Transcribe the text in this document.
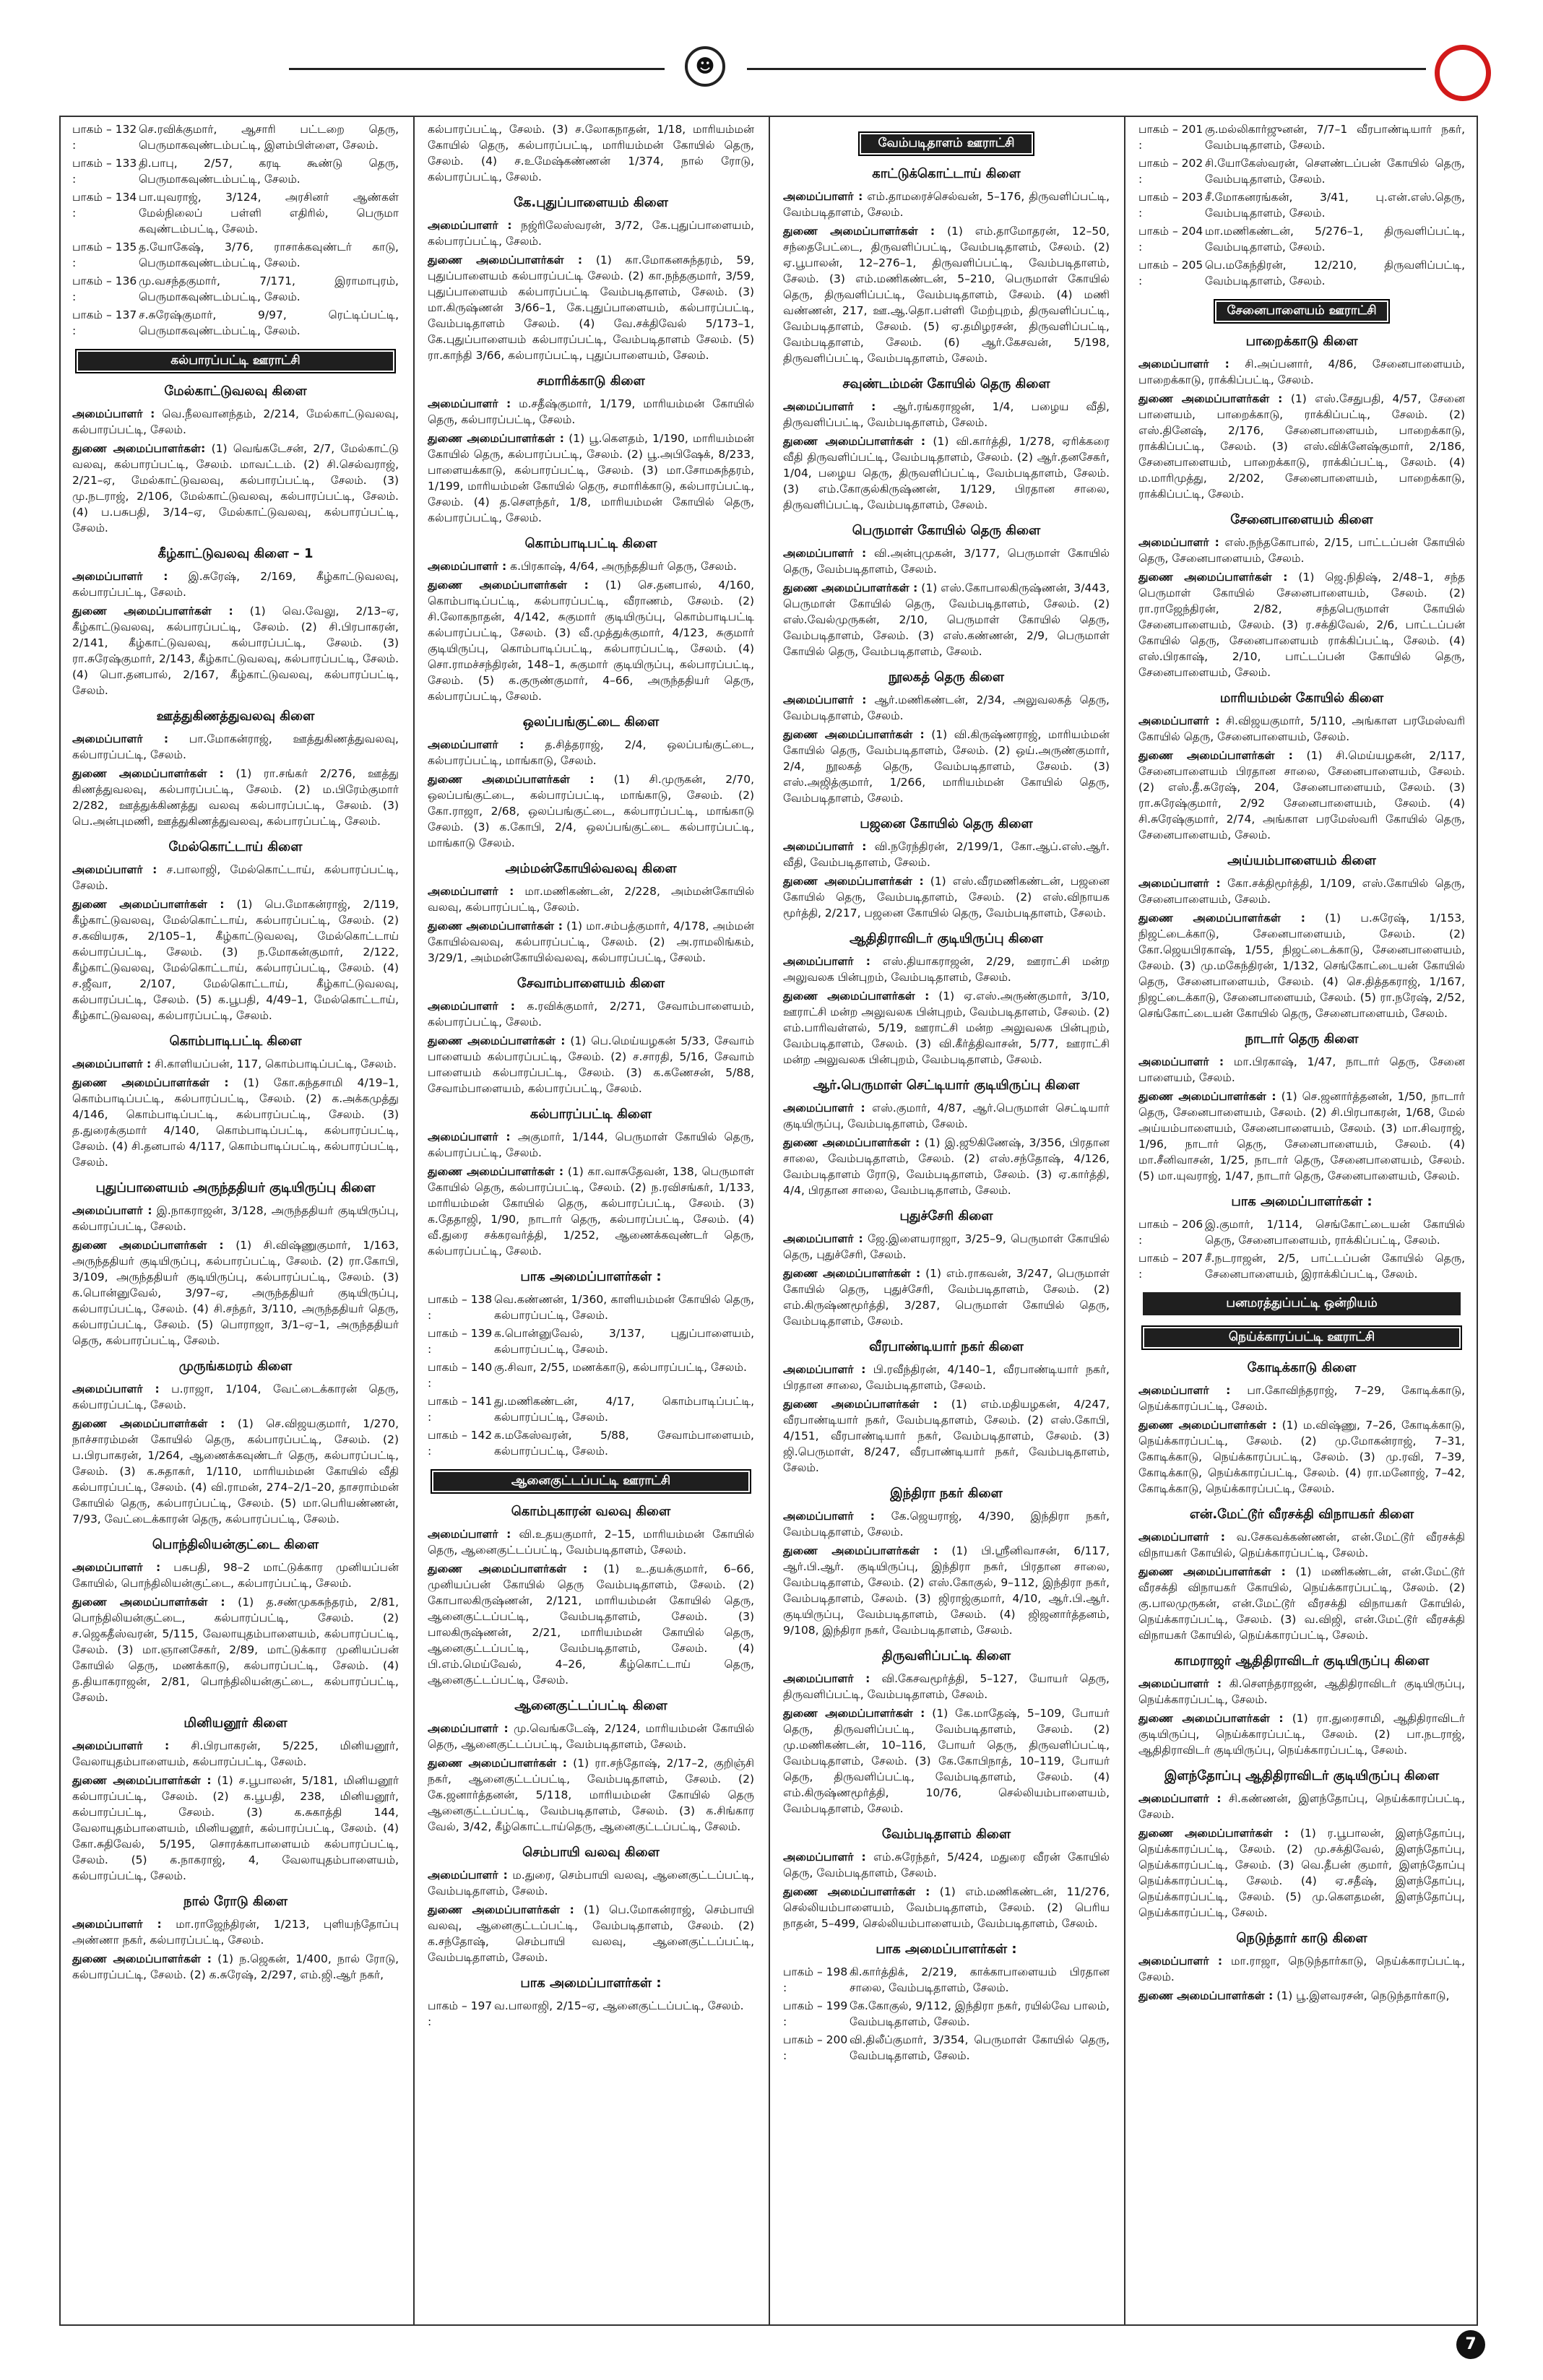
☻
பாகம் – 132 :
செ.ரவிக்குமார், ஆசாரி பட்டறை தெரு, பெருமாகவுண்டம்பட்டி, இளம்பிள்ளை, சேலம்.
பாகம் – 133 :
தி.பாபு, 2/57, கரடி கூண்டு தெரு, பெருமாகவுண்டம்பட்டி, சேலம்.
பாகம் – 134 :
பா.யுவராஜ், 3/124, அரசினர் ஆண்கள் மேல்நிலைப் பள்ளி எதிரில், பெருமா கவுண்டம்பட்டி, சேலம்.
பாகம் – 135 :
த.யோகேஷ், 3/76, ராசாக்கவுண்டர் காடு, பெருமாகவுண்டம்பட்டி, சேலம்.
பாகம் – 136 :
மு.வசந்தகுமார், 7/171, இராமாபுரம், பெருமாகவுண்டம்பட்டி, சேலம்.
பாகம் – 137 :
ச.சுரேஷ்குமார், 9/97, ரெட்டிப்பட்டி, பெருமாகவுண்டம்பட்டி, சேலம்.
கல்பாரப்பட்டி ஊராட்சி
மேல்காட்டுவலவு கிளை
அமைப்பாளர் : வெ.நீலவானந்தம், 2/214, மேல்காட்டுவலவு, கல்பாரப்பட்டி, சேலம்.
துணை அமைப்பாளர்கள்: (1) வெங்கடேசன், 2/7, மேல்காட்டு வலவு, கல்பாரப்பட்டி, சேலம். மாவட்டம். (2) சி.செல்வராஜ், 2/21–ஏ, மேல்காட்டுவலவு, கல்பாரப்பட்டி, சேலம். (3) மு.நடராஜ், 2/106, மேல்காட்டுவலவு, கல்பாரப்பட்டி, சேலம். (4) ப.பசுபதி, 3/14–ஏ, மேல்காட்டுவலவு, கல்பாரப்பட்டி, சேலம்.
கீழ்காட்டுவலவு கிளை – 1
அமைப்பாளர் : இ.சுரேஷ், 2/169, கீழ்காட்டுவலவு, கல்பாரப்பட்டி, சேலம்.
துணை அமைப்பாளர்கள் : (1) வெ.வேலு, 2/13–ஏ, கீழ்காட்டுவலவு, கல்பாரப்பட்டி, சேலம். (2) சி.பிரபாகரன், 2/141, கீழ்காட்டுவலவு, கல்பாரப்பட்டி, சேலம். (3) ரா.சுரேஷ்குமார், 2/143, கீழ்காட்டுவலவு, கல்பாரப்பட்டி, சேலம். (4) பொ.தனபால், 2/167, கீழ்காட்டுவலவு, கல்பாரப்பட்டி, சேலம்.
ஊத்துகிணத்துவலவு கிளை
அமைப்பாளர் : பா.மோகன்ராஜ், ஊத்துகிணத்துவலவு, கல்பாரப்பட்டி, சேலம்.
துணை அமைப்பாளர்கள் : (1) ரா.சங்கர் 2/276, ஊத்து கிணத்துவலவு, கல்பாரப்பட்டி, சேலம். (2) ம.பிரேம்குமார் 2/282, ஊத்துக்கிணத்து வலவு கல்பாரப்பட்டி, சேலம். (3) பெ.அன்புமணி, ஊத்துகிணத்துவலவு, கல்பாரப்பட்டி, சேலம்.
மேல்கொட்டாய் கிளை
அமைப்பாளர் : ச.பாலாஜி, மேல்கொட்டாய், கல்பாரப்பட்டி, சேலம்.
துணை அமைப்பாளர்கள் : (1) பெ.மோகன்ராஜ், 2/119, கீழ்காட்டுவலவு, மேல்கொட்டாய், கல்பாரப்பட்டி, சேலம். (2) ச.கவியரசு, 2/105–1, கீழ்காட்டுவலவு, மேல்கொட்டாய் கல்பாரப்பட்டி, சேலம். (3) ந.மோகன்குமார், 2/122, கீழ்காட்டுவலவு, மேல்கொட்டாய், கல்பாரப்பட்டி, சேலம். (4) ச.ஜீவா, 2/107, மேல்கொட்டாய், கீழ்காட்டுவலவு, கல்பாரப்பட்டி, சேலம். (5) க.பூபதி, 4/49–1, மேல்கொட்டாய், கீழ்காட்டுவலவு, கல்பாரப்பட்டி, சேலம்.
கொம்பாடிபட்டி கிளை
அமைப்பாளர் : சி.காளியப்பன், 117, கொம்பாடிப்பட்டி, சேலம்.
துணை அமைப்பாளர்கள் : (1) கோ.கந்தசாமி 4/19–1, கொம்பாடிப்பட்டி, கல்பாரப்பட்டி, சேலம். (2) க.அக்கமுத்து 4/146, கொம்பாடிப்பட்டி, கல்பாரப்பட்டி, சேலம். (3) த.துரைக்குமார் 4/140, கொம்பாடிப்பட்டி, கல்பாரப்பட்டி, சேலம். (4) சி.தனபால் 4/117, கொம்பாடிப்பட்டி, கல்பாரப்பட்டி, சேலம்.
புதுப்பாளையம் அருந்ததியர் குடியிருப்பு கிளை
அமைப்பாளர் : இ.நாகராஜன், 3/128, அருந்ததியர் குடியிருப்பு, கல்பாரப்பட்டி, சேலம்.
துணை அமைப்பாளர்கள் : (1) சி.விஷ்ணுகுமார், 1/163, அருந்ததியர் குடியிருப்பு, கல்பாரப்பட்டி, சேலம். (2) ரா.கோபி, 3/109, அருந்ததியர் குடியிருப்பு, கல்பாரப்பட்டி, சேலம். (3) க.பொன்னுவேல், 3/97–ஏ, அருந்ததியர் குடியிருப்பு, கல்பாரப்பட்டி, சேலம். (4) சி.சந்தர், 3/110, அருந்ததியர் தெரு, கல்பாரப்பட்டி, சேலம். (5) பொராஜா, 3/1–ஏ–1, அருந்ததியர் தெரு, கல்பாரப்பட்டி, சேலம்.
முருங்கமரம் கிளை
அமைப்பாளர் : ப.ராஜா, 1/104, வேட்டைக்காரன் தெரு, கல்பாரப்பட்டி, சேலம்.
துணை அமைப்பாளர்கள் : (1) செ.விஜயகுமார், 1/270, நாச்சாரம்மன் கோயில் தெரு, கல்பாரப்பட்டி, சேலம். (2) ப.பிரபாகரன், 1/264, ஆணைக்கவுண்டர் தெரு, கல்பாரப்பட்டி, சேலம். (3) க.சுதாகர், 1/110, மாரியம்மன் கோயில் வீதி கல்பாரப்பட்டி, சேலம். (4) வி.ராமன், 274–2/1–20, தாசராம்மன் கோயில் தெரு, கல்பாரப்பட்டி, சேலம். (5) மா.பெரியண்ணன், 7/93, வேட்டைக்காரன் தெரு, கல்பாரப்பட்டி, சேலம்.
பொந்திலியன்குட்டை கிளை
அமைப்பாளர் : பசுபதி, 98–2 மாட்டுக்கார முனியப்பன் கோயில், பொந்திலியன்குட்டை, கல்பாரப்பட்டி, சேலம்.
துணை அமைப்பாளர்கள் : (1) த.சண்முகசுந்தரம், 2/81, பொந்திலியன்குட்டை, கல்பாரப்பட்டி, சேலம். (2) ச.ஜெகதீஸ்வரன், 5/115, வேலாயுதம்பாளையம், கல்பாரப்பட்டி, சேலம். (3) மா.ஞானசேகர், 2/89, மாட்டுக்கார முனியப்பன் கோயில் தெரு, மணக்காடு, கல்பாரப்பட்டி, சேலம். (4) த.தியாகராஜன், 2/81, பொந்திலியன்குட்டை, கல்பாரப்பட்டி, சேலம்.
மினியனூர் கிளை
அமைப்பாளர் : சி.பிரபாகரன், 5/225, மினியனூர், வேலாயுதம்பாளையம், கல்பாரப்பட்டி, சேலம்.
துணை அமைப்பாளர்கள் : (1) ச.பூபாலன், 5/181, மினியனூர் கல்பாரப்பட்டி, சேலம். (2) க.பூபதி, 238, மினியனூர், கல்பாரப்பட்டி, சேலம். (3) க.சுகாத்தி 144, வேலாயுதம்பாளையம், மினியனூர், கல்பாரப்பட்டி, சேலம். (4) கோ.சுதிவேல், 5/195, சொரக்காபாளையம் கல்பாரப்பட்டி, சேலம். (5) க.நாகராஜ், 4, வேலாயுதம்பாளையம், கல்பாரப்பட்டி, சேலம்.
நால் ரோடு கிளை
அமைப்பாளர் : மா.ராஜேந்திரன், 1/213, புளியந்தோப்பு அண்ணா நகர், கல்பாரப்பட்டி, சேலம்.
துணை அமைப்பாளர்கள் : (1) ந.ஜெகன், 1/400, நால் ரோடு, கல்பாரப்பட்டி, சேலம். (2) க.சுரேஷ், 2/297, எம்.ஜி.ஆர் நகர்,
கல்பாரப்பட்டி, சேலம். (3) ச.லோகநாதன், 1/18, மாரியம்மன் கோயில் தெரு, கல்பாரப்பட்டி, மாரியம்மன் கோயில் தெரு, சேலம். (4) ச.உமேஷ்கண்ணன் 1/374, நால் ரோடு, கல்பாரப்பட்டி, சேலம்.
கே.புதுப்பாளையம் கிளை
அமைப்பாளர் : நஜ்ரிலேஸ்வரன், 3/72, கே.புதுப்பாளையம், கல்பாரப்பட்டி, சேலம்.
துணை அமைப்பாளர்கள் : (1) கா.மோகனசுந்தரம், 59, புதுப்பாளையம் கல்பாரப்பட்டி சேலம். (2) கா.நந்தகுமார், 3/59, புதுப்பாளையம் கல்பாரப்பட்டி வேம்படிதாளம், சேலம். (3) மா.கிருஷ்ணன் 3/66–1, கே.புதுப்பாளையம், கல்பாரப்பட்டி, வேம்படிதாளம் சேலம். (4) வே.சக்திவேல் 5/173–1, கே.புதுப்பாளையம் கல்பாரப்பட்டி, வேம்படிதாளம் சேலம். (5) ரா.காந்தி 3/66, கல்பாரப்பட்டி, புதுப்பாளையம், சேலம்.
சமாரிக்காடு கிளை
அமைப்பாளர் : ம.சதீஷ்குமார், 1/179, மாரியம்மன் கோயில் தெரு, கல்பாரப்பட்டி, சேலம்.
துணை அமைப்பாளர்கள் : (1) பூ.கௌதம், 1/190, மாரியம்மன் கோயில் தெரு, கல்பாரப்பட்டி, சேலம். (2) பூ.அபிஷேக், 8/233, பாளையக்காடு, கல்பாரப்பட்டி, சேலம். (3) மா.சோமசுந்தரம், 1/199, மாரியம்மன் கோயில் தெரு, சமாரிக்காடு, கல்பாரப்பட்டி, சேலம். (4) த.சௌந்தர், 1/8, மாரியம்மன் கோயில் தெரு, கல்பாரப்பட்டி, சேலம்.
கொம்பாடிபட்டி கிளை
அமைப்பாளர் : க.பிரகாஷ், 4/64, அருந்ததியர் தெரு, சேலம்.
துணை அமைப்பாளர்கள் : (1) செ.தனபால், 4/160, கொம்பாடிப்பட்டி, கல்பாரப்பட்டி, வீராணம், சேலம். (2) சி.லோகநாதன், 4/142, சுகுமார் குடியிருப்பு, கொம்பாடிபட்டி கல்பாரப்பட்டி, சேலம். (3) வீ.முத்துக்குமார், 4/123, சுகுமார் குடியிருப்பு, கொம்பாடிப்பட்டி, கல்பாரப்பட்டி, சேலம். (4) சொ.ராமச்சந்திரன், 148–1, சுகுமார் குடியிருப்பு, கல்பாரப்பட்டி, சேலம். (5) க.குருண்குமார், 4–66, அருந்ததியர் தெரு, கல்பாரப்பட்டி, சேலம்.
ஒலப்பங்குட்டை கிளை
அமைப்பாளர் : த.சித்தராஜ், 2/4, ஒலப்பங்குட்டை, கல்பாரப்பட்டி, மாங்காடு, சேலம்.
துணை அமைப்பாளர்கள் : (1) சி.முருகன், 2/70, ஒலப்பங்குட்டை, கல்பாரப்பட்டி, மாங்காடு, சேலம். (2) கோ.ராஜா, 2/68, ஒலப்பங்குட்டை, கல்பாரப்பட்டி, மாங்காடு சேலம். (3) க.கோபி, 2/4, ஒலப்பங்குட்டை கல்பாரப்பட்டி, மாங்காடு சேலம்.
அம்மன்கோயில்வலவு கிளை
அமைப்பாளர் : மா.மணிகண்டன், 2/228, அம்மன்கோயில் வலவு, கல்பாரப்பட்டி, சேலம்.
துணை அமைப்பாளர்கள் : (1) மா.சம்பத்குமார், 4/178, அம்மன் கோயில்வலவு, கல்பாரப்பட்டி, சேலம். (2) அ.ராமலிங்கம், 3/29/1, அம்மன்கோயில்வலவு, கல்பாரப்பட்டி, சேலம்.
சேவாம்பாளையம் கிளை
அமைப்பாளர் : க.ரவிக்குமார், 2/271, சேவாம்பாளையம், கல்பாரப்பட்டி, சேலம்.
துணை அமைப்பாளர்கள் : (1) பெ.மெய்யழகன் 5/33, சேவாம் பாளையம் கல்பாரப்பட்டி, சேலம். (2) ச.சாரதி, 5/16, சேவாம் பாளையம் கல்பாரப்பட்டி, சேலம். (3) க.கணேசன், 5/88, சேவாம்பாளையம், கல்பாரப்பட்டி, சேலம்.
கல்பாரப்பட்டி கிளை
அமைப்பாளர் : அகுமார், 1/144, பெருமாள் கோயில் தெரு, கல்பாரப்பட்டி, சேலம்.
துணை அமைப்பாளர்கள் : (1) கா.வாசுதேவன், 138, பெருமாள் கோயில் தெரு, கல்பாரப்பட்டி, சேலம். (2) ந.ரவிசங்கர், 1/133, மாரியம்மன் கோயில் தெரு, கல்பாரப்பட்டி, சேலம். (3) க.தேதாஜி, 1/90, நாடார் தெரு, கல்பாரப்பட்டி, சேலம். (4) வீ.துரை சக்கரவர்த்தி, 1/252, ஆணைக்கவுண்டர் தெரு, கல்பாரப்பட்டி, சேலம்.
பாக அமைப்பாளர்கள் :
பாகம் – 138 :
வெ.கண்ணன், 1/360, காளியம்மன் கோயில் தெரு, கல்பாரப்பட்டி, சேலம்.
பாகம் – 139 :
க.பொன்னுவேல், 3/137, புதுப்பாளையம், கல்பாரப்பட்டி, சேலம்.
பாகம் – 140 :
கு.சிவா, 2/55, மணக்காடு, கல்பாரப்பட்டி, சேலம்.
பாகம் – 141 :
து.மணிகண்டன், 4/17, கொம்பாடிப்பட்டி, கல்பாரப்பட்டி, சேலம்.
பாகம் – 142 :
க.மகேஸ்வரன், 5/88, சேவாம்பாளையம், கல்பாரப்பட்டி, சேலம்.
ஆனைகுட்டப்பட்டி ஊராட்சி
கொம்புகாரன் வலவு கிளை
அமைப்பாளர் : வி.உதயகுமார், 2–15, மாரியம்மன் கோயில் தெரு, ஆனைகுட்டப்பட்டி, வேம்படிதாளம், சேலம்.
துணை அமைப்பாளர்கள் : (1) உ.தயக்குமார், 6–66, முனியப்பன் கோயில் தெரு வேம்படிதாளம், சேலம். (2) கோபாலகிருஷ்ணன், 2/121, மாரியம்மன் கோயில் தெரு, ஆனைகுட்டப்பட்டி, வேம்படிதாளம், சேலம். (3) பாலகிருஷ்ணன், 2/21, மாரியம்மன் கோயில் தெரு, ஆனைகுட்டப்பட்டி, வேம்படிதாளம், சேலம். (4) பி.எம்.மெய்வேல், 4–26, கீழ்கொட்டாய் தெரு, ஆனைகுட்டப்பட்டி, சேலம்.
ஆனைகுட்டப்பட்டி கிளை
அமைப்பாளர் : மு.வெங்கடேஷ், 2/124, மாரியம்மன் கோயில் தெரு, ஆனைகுட்டப்பட்டி, வேம்படிதாளம், சேலம்.
துணை அமைப்பாளர்கள் : (1) ரா.சந்தோஷ், 2/17–2, குறிஞ்சி நகர், ஆனைகுட்டப்பட்டி, வேம்படிதாளம், சேலம். (2) கே.ஜனார்த்தனன், 5/118, மாரியம்மன் கோயில் தெரு ஆனைகுட்டப்பட்டி, வேம்படிதாளம், சேலம். (3) க.சிங்கார வேல், 3/42, கீழ்கொட்டாய்தெரு, ஆனைகுட்டப்பட்டி, சேலம்.
செம்பாயி வலவு கிளை
அமைப்பாளர் : ம.துரை, செம்பாயி வலவு, ஆனைகுட்டப்பட்டி, வேம்படிதாளம், சேலம்.
துணை அமைப்பாளர்கள் : (1) பெ.மோகன்ராஜ், செம்பாயி வலவு, ஆனைகுட்டப்பட்டி, வேம்படிதாளம், சேலம். (2) க.சந்தோஷ், செம்பாயி வலவு, ஆனைகுட்டப்பட்டி, வேம்படிதாளம், சேலம்.
பாக அமைப்பாளர்கள் :
பாகம் – 197 :
வ.பாலாஜி, 2/15–ஏ, ஆனைகுட்டப்பட்டி, சேலம்.
வேம்படிதாளம் ஊராட்சி
காட்டுக்கொட்டாய் கிளை
அமைப்பாளர் : எம்.தாமரைச்செல்வன், 5–176, திருவளிப்பட்டி, வேம்படிதாளம், சேலம்.
துணை அமைப்பாளர்கள் : (1) எம்.தாமோதரன், 12–50, சந்தைபேட்டை, திருவளிப்பட்டி, வேம்படிதாளம், சேலம். (2) ஏ.பூபாலன், 12–276–1, திருவளிப்பட்டி, வேம்படிதாளம், சேலம். (3) எம்.மணிகண்டன், 5–210, பெருமாள் கோயில் தெரு, திருவளிப்பட்டி, வேம்படிதாளம், சேலம். (4) மணி வண்ணன், 217, ஊ.ஆ.தொ.பள்ளி மேற்புறம், திருவளிப்பட்டி, வேம்படிதாளம், சேலம். (5) ஏ.தமிழரசன், திருவளிப்பட்டி, வேம்படிதாளம், சேலம். (6) ஆர்.கேசவன், 5/198, திருவளிப்பட்டி, வேம்படிதாளம், சேலம்.
சவுண்டம்மன் கோயில் தெரு கிளை
அமைப்பாளர் : ஆர்.ரங்கராஜன், 1/4, பழைய வீதி, திருவளிப்பட்டி, வேம்படிதாளம், சேலம்.
துணை அமைப்பாளர்கள் : (1) வி.கார்த்தி, 1/278, ஏரிக்கரை வீதி திருவளிப்பட்டி, வேம்படிதாளம், சேலம். (2) ஆர்.தனசேகர், 1/04, பழைய தெரு, திருவளிப்பட்டி, வேம்படிதாளம், சேலம். (3) எம்.கோகுல்கிருஷ்ணன், 1/129, பிரதான சாலை, திருவளிப்பட்டி, வேம்படிதாளம், சேலம்.
பெருமாள் கோயில் தெரு கிளை
அமைப்பாளர் : வி.அன்புமுகன், 3/177, பெருமாள் கோயில் தெரு, வேம்படிதாளம், சேலம்.
துணை அமைப்பாளர்கள் : (1) எஸ்.கோபாலகிருஷ்ணன், 3/443, பெருமாள் கோயில் தெரு, வேம்படிதாளம், சேலம். (2) எஸ்.வேல்முருகன், 2/10, பெருமாள் கோயில் தெரு, வேம்படிதாளம், சேலம். (3) எஸ்.கண்ணன், 2/9, பெருமாள் கோயில் தெரு, வேம்படிதாளம், சேலம்.
நூலகத் தெரு கிளை
அமைப்பாளர் : ஆர்.மணிகண்டன், 2/34, அலுவலகத் தெரு, வேம்படிதாளம், சேலம்.
துணை அமைப்பாளர்கள் : (1) வி.கிருஷ்ணராஜ், மாரியம்மன் கோயில் தெரு, வேம்படிதாளம், சேலம். (2) ஒய்.அருண்குமார், 2/4, நூலகத் தெரு, வேம்படிதாளம், சேலம். (3) எஸ்.அஜித்குமார், 1/266, மாரியம்மன் கோயில் தெரு, வேம்படிதாளம், சேலம்.
பஜனை கோயில் தெரு கிளை
அமைப்பாளர் : வி.நரேந்திரன், 2/199/1, கோ.ஆப்.எஸ்.ஆர். வீதி, வேம்படிதாளம், சேலம்.
துணை அமைப்பாளர்கள் : (1) எஸ்.வீரமணிகண்டன், பஜனை கோயில் தெரு, வேம்படிதாளம், சேலம். (2) எஸ்.விநாயக மூர்த்தி, 2/217, பஜனை கோயில் தெரு, வேம்படிதாளம், சேலம்.
ஆதிதிராவிடர் குடியிருப்பு கிளை
அமைப்பாளர் : எஸ்.தியாகராஜன், 2/29, ஊராட்சி மன்ற அலுவலக பின்புறம், வேம்படிதாளம், சேலம்.
துணை அமைப்பாளர்கள் : (1) ஏ.எஸ்.அருண்குமார், 3/10, ஊராட்சி மன்ற அலுவலக பின்புறம், வேம்படிதாளம், சேலம். (2) எம்.பாரிவள்ளல், 5/19, ஊராட்சி மன்ற அலுவலக பின்புறம், வேம்படிதாளம், சேலம். (3) வி.கீர்த்திவாசன், 5/77, ஊராட்சி மன்ற அலுவலக பின்புறம், வேம்படிதாளம், சேலம்.
ஆர்.பெருமாள் செட்டியார் குடியிருப்பு கிளை
அமைப்பாளர் : எஸ்.குமார், 4/87, ஆர்.பெருமாள் செட்டியார் குடியிருப்பு, வேம்படிதாளம், சேலம்.
துணை அமைப்பாளர்கள் : (1) இ.ஜூகிணேஷ், 3/356, பிரதான சாலை, வேம்படிதாளம், சேலம். (2) எஸ்.சந்தோஷ், 4/126, வேம்படிதாளம் ரோடு, வேம்படிதாளம், சேலம். (3) ஏ.கார்த்தி, 4/4, பிரதான சாலை, வேம்படிதாளம், சேலம்.
புதுச்சேரி கிளை
அமைப்பாளர் : ஜே.இளையராஜா, 3/25–9, பெருமாள் கோயில் தெரு, புதுச்சேரி, சேலம்.
துணை அமைப்பாளர்கள் : (1) எம்.ராகவன், 3/247, பெருமாள் கோயில் தெரு, புதுச்சேரி, வேம்படிதாளம், சேலம். (2) எம்.கிருஷ்ணமூர்த்தி, 3/287, பெருமாள் கோயில் தெரு, வேம்படிதாளம், சேலம்.
வீரபாண்டியார் நகர் கிளை
அமைப்பாளர் : பி.ரவீந்திரன், 4/140–1, வீரபாண்டியார் நகர், பிரதான சாலை, வேம்படிதாளம், சேலம்.
துணை அமைப்பாளர்கள் : (1) எம்.மதியழகன், 4/247, வீரபாண்டியார் நகர், வேம்படிதாளம், சேலம். (2) எஸ்.கோபி, 4/151, வீரபாண்டியார் நகர், வேம்படிதாளம், சேலம். (3) ஜி.பெருமாள், 8/247, வீரபாண்டியார் நகர், வேம்படிதாளம், சேலம்.
இந்திரா நகர் கிளை
அமைப்பாளர் : கே.ஜெயராஜ், 4/390, இந்திரா நகர், வேம்படிதாளம், சேலம்.
துணை அமைப்பாளர்கள் : (1) பி.ஸ்ரீனிவாசன், 6/117, ஆர்.பி.ஆர். குடியிருப்பு, இந்திரா நகர், பிரதான சாலை, வேம்படிதாளம், சேலம். (2) எஸ்.கோகுல், 9–112, இந்திரா நகர், வேம்படிதாளம், சேலம். (3) ஜிராஜ்குமார், 4/10, ஆர்.பி.ஆர். குடியிருப்பு, வேம்படிதாளம், சேலம். (4) ஜிஜனார்த்தனம், 9/108, இந்திரா நகர், வேம்படிதாளம், சேலம்.
திருவளிப்பட்டி கிளை
அமைப்பாளர் : வி.கேசவமூர்த்தி, 5–127, யோயர் தெரு, திருவளிப்பட்டி, வேம்படிதாளம், சேலம்.
துணை அமைப்பாளர்கள் : (1) கே.மாதேஷ், 5–109, போயர் தெரு, திருவளிப்பட்டி, வேம்படிதாளம், சேலம். (2) மு.மணிகண்டன், 10–116, போயர் தெரு, திருவளிப்பட்டி, வேம்படிதாளம், சேலம். (3) கே.கோபிநாத், 10–119, போயர் தெரு, திருவளிப்பட்டி, வேம்படிதாளம், சேலம். (4) எம்.கிருஷ்ணமூர்த்தி, 10/76, செல்லியம்பாளையம், வேம்படிதாளம், சேலம்.
வேம்படிதாளம் கிளை
அமைப்பாளர் : எம்.சுரேந்தர், 5/424, மதுரை வீரன் கோயில் தெரு, வேம்படிதாளம், சேலம்.
துணை அமைப்பாளர்கள் : (1) எம்.மணிகண்டன், 11/276, செல்லியம்பாளையம், வேம்படிதாளம், சேலம். (2) பெரிய நாதன், 5–499, செல்லியம்பாளையம், வேம்படிதாளம், சேலம்.
பாக அமைப்பாளர்கள் :
பாகம் – 198 :
கி.கார்த்திக், 2/219, காக்காபாளையம் பிரதான சாலை, வேம்படிதாளம், சேலம்.
பாகம் – 199 :
கே.கோகுல், 9/112, இந்திரா நகர், ரயில்வே பாலம், வேம்படிதாளம், சேலம்.
பாகம் – 200 :
வி.திலீப்குமார், 3/354, பெருமாள் கோயில் தெரு, வேம்படிதாளம், சேலம்.
பாகம் – 201 :
கு.மல்லிகார்ஜுனன், 7/7–1 வீரபாண்டியார் நகர், வேம்படிதாளம், சேலம்.
பாகம் – 202 :
சி.யோகேஸ்வரன், சௌண்டப்பன் கோயில் தெரு, வேம்படிதாளம், சேலம்.
பாகம் – 203 :
சீ.மோகனரங்கன், 3/41, பு.என்.எஸ்.தெரு, வேம்படிதாளம், சேலம்.
பாகம் – 204 :
மா.மணிகண்டன், 5/276–1, திருவளிப்பட்டி, வேம்படிதாளம், சேலம்.
பாகம் – 205 :
பெ.மகேந்திரன், 12/210, திருவளிப்பட்டி, வேம்படிதாளம், சேலம்.
சேனைபாளையம் ஊராட்சி
பாறைக்காடு கிளை
அமைப்பாளர் : சி.அப்பனார், 4/86, சேனைபாளையம், பாறைக்காடு, ராக்கிப்பட்டி, சேலம்.
துணை அமைப்பாளர்கள் : (1) எஸ்.சேதுபதி, 4/57, சேனை பாளையம், பாறைக்காடு, ராக்கிப்பட்டி, சேலம். (2) எஸ்.தினேஷ், 2/176, சேனைபாளையம், பாறைக்காடு, ராக்கிப்பட்டி, சேலம். (3) எஸ்.விக்னேஷ்குமார், 2/186, சேனைபாளையம், பாறைக்காடு, ராக்கிப்பட்டி, சேலம். (4) ம.மாரிமுத்து, 2/202, சேனைபாளையம், பாறைக்காடு, ராக்கிப்பட்டி, சேலம்.
சேனைபாளையம் கிளை
அமைப்பாளர் : எஸ்.நந்தகோபால், 2/15, பாட்டப்பன் கோயில் தெரு, சேனைபாளையம், சேலம்.
துணை அமைப்பாளர்கள் : (1) ஜெ.நிதிஷ், 2/48–1, சந்த பெருமாள் கோயில் சேனைபாளையம், சேலம். (2) ரா.ராஜேந்திரன், 2/82, சந்தபெருமாள் கோயில் சேனைபாளையம், சேலம். (3) ர.சக்திவேல், 2/6, பாட்டப்பன் கோயில் தெரு, சேனைபாளையம் ராக்கிப்பட்டி, சேலம். (4) எஸ்.பிரகாஷ், 2/10, பாட்டப்பன் கோயில் தெரு, சேனைபாளையம், சேலம்.
மாரியம்மன் கோயில் கிளை
அமைப்பாளர் : சி.விஜயகுமார், 5/110, அங்காள பரமேஸ்வரி கோயில் தெரு, சேனைபாளையம், சேலம்.
துணை அமைப்பாளர்கள் : (1) சி.மெய்யழகன், 2/117, சேனைபாளையம் பிரதான சாலை, சேனைபாளையம், சேலம். (2) எஸ்.தீ.சுரேஷ், 204, சேனைபாளையம், சேலம். (3) ரா.சுரேஷ்குமார், 2/92 சேனைபாளையம், சேலம். (4) சி.சுரேஷ்குமார், 2/74, அங்காள பரமேஸ்வரி கோயில் தெரு, சேனைபாளையம், சேலம்.
அய்யம்பாளையம் கிளை
அமைப்பாளர் : கோ.சக்திமூர்த்தி, 1/109, எஸ்.கோயில் தெரு, சேனைபாளையம், சேலம்.
துணை அமைப்பாளர்கள் : (1) ப.சுரேஷ், 1/153, நிஜட்டைக்காடு, சேனைபாளையம், சேலம். (2) கோ.ஜெயபிரகாஷ், 1/55, நிஜட்டைக்காடு, சேனைபாளையம், சேலம். (3) மு.மகேந்திரன், 1/132, செங்கோட்டையன் கோயில் தெரு, சேனைபாளையம், சேலம். (4) செ.தித்தகராஜ், 1/167, நிஜட்டைக்காடு, சேனைபாளையம், சேலம். (5) ரா.நரேஷ், 2/52, செங்கோட்டையன் கோயில் தெரு, சேனைபாளையம், சேலம்.
நாடார் தெரு கிளை
அமைப்பாளர் : மா.பிரகாஷ், 1/47, நாடார் தெரு, சேனை பாளையம், சேலம்.
துணை அமைப்பாளர்கள் : (1) செ.ஜனார்த்தனன், 1/50, நாடார் தெரு, சேனைபாளையம், சேலம். (2) சி.பிரபாகரன், 1/68, மேல் அய்யம்பாளையம், சேனைபாளையம், சேலம். (3) மா.சிவராஜ், 1/96, நாடார் தெரு, சேனைபாளையம், சேலம். (4) மா.சீனிவாசன், 1/25, நாடார் தெரு, சேனைபாளையம், சேலம். (5) மா.யுவராஜ், 1/47, நாடார் தெரு, சேனைபாளையம், சேலம்.
பாக அமைப்பாளர்கள் :
பாகம் – 206 :
இ.குமார், 1/114, செங்கோட்டையன் கோயில் தெரு, சேனைபாளையம், ராக்கிப்பட்டி, சேலம்.
பாகம் – 207 :
சீ.நடராஜன், 2/5, பாட்டப்பன் கோயில் தெரு, சேனைபாளையம், இராக்கிப்பட்டி, சேலம்.
பனமரத்துப்பட்டி ஒன்றியம்
நெய்க்காரப்பட்டி ஊராட்சி
கோடிக்காடு கிளை
அமைப்பாளர் : பா.கோவிந்தராஜ், 7–29, கோடிக்காடு, நெய்க்காரப்பட்டி, சேலம்.
துணை அமைப்பாளர்கள் : (1) ம.விஷ்ணு, 7–26, கோடிக்காடு, நெய்க்காரப்பட்டி, சேலம். (2) மு.மோகன்ராஜ், 7–31, கோடிக்காடு, நெய்க்காரப்பட்டி, சேலம். (3) மு.ரவி, 7–39, கோடிக்காடு, நெய்க்காரப்பட்டி, சேலம். (4) ரா.மனோஜ், 7–42, கோடிக்காடு, நெய்க்காரப்பட்டி, சேலம்.
என்.மேட்டூர் வீரசக்தி விநாயகர் கிளை
அமைப்பாளர் : வ.சேகவக்கண்ணன், என்.மேட்டூர் வீரசக்தி விநாயகர் கோயில், நெய்க்காரப்பட்டி, சேலம்.
துணை அமைப்பாளர்கள் : (1) மணிகண்டன், என்.மேட்டூர் வீரசக்தி விநாயகர் கோயில், நெய்க்காரப்பட்டி, சேலம். (2) கு.பாலமுருகன், என்.மேட்டூர் வீரசக்தி விநாயகர் கோயில், நெய்க்காரப்பட்டி, சேலம். (3) வ.விஜி, என்.மேட்டூர் வீரசக்தி விநாயகர் கோயில், நெய்க்காரப்பட்டி, சேலம்.
காமராஜர் ஆதிதிராவிடர் குடியிருப்பு கிளை
அமைப்பாளர் : கி.சௌந்தராஜன், ஆதிதிராவிடர் குடியிருப்பு, நெய்க்காரப்பட்டி, சேலம்.
துணை அமைப்பாளர்கள் : (1) ரா.துரைசாமி, ஆதிதிராவிடர் குடியிருப்பு, நெய்க்காரப்பட்டி, சேலம். (2) பா.நடராஜ், ஆதிதிராவிடர் குடியிருப்பு, நெய்க்காரப்பட்டி, சேலம்.
இளந்தோப்பு ஆதிதிராவிடர் குடியிருப்பு கிளை
அமைப்பாளர் : சி.கண்ணன், இளந்தோப்பு, நெய்க்காரப்பட்டி, சேலம்.
துணை அமைப்பாளர்கள் : (1) ர.பூபாலன், இளந்தோப்பு, நெய்க்காரப்பட்டி, சேலம். (2) மு.சக்திவேல், இளந்தோப்பு, நெய்க்காரப்பட்டி, சேலம். (3) வெ.தீபன் குமார், இளந்தோப்பு நெய்க்காரப்பட்டி, சேலம். (4) ஏ.சதீஷ், இளந்தோப்பு, நெய்க்காரப்பட்டி, சேலம். (5) மு.கௌதமன், இளந்தோப்பு, நெய்க்காரப்பட்டி, சேலம்.
நெடுந்தார் காடு கிளை
அமைப்பாளர் : மா.ராஜா, நெடுந்தார்காடு, நெய்க்காரப்பட்டி, சேலம்.
துணை அமைப்பாளர்கள் : (1) பூ.இளவரசன், நெடுந்தார்காடு,
7
